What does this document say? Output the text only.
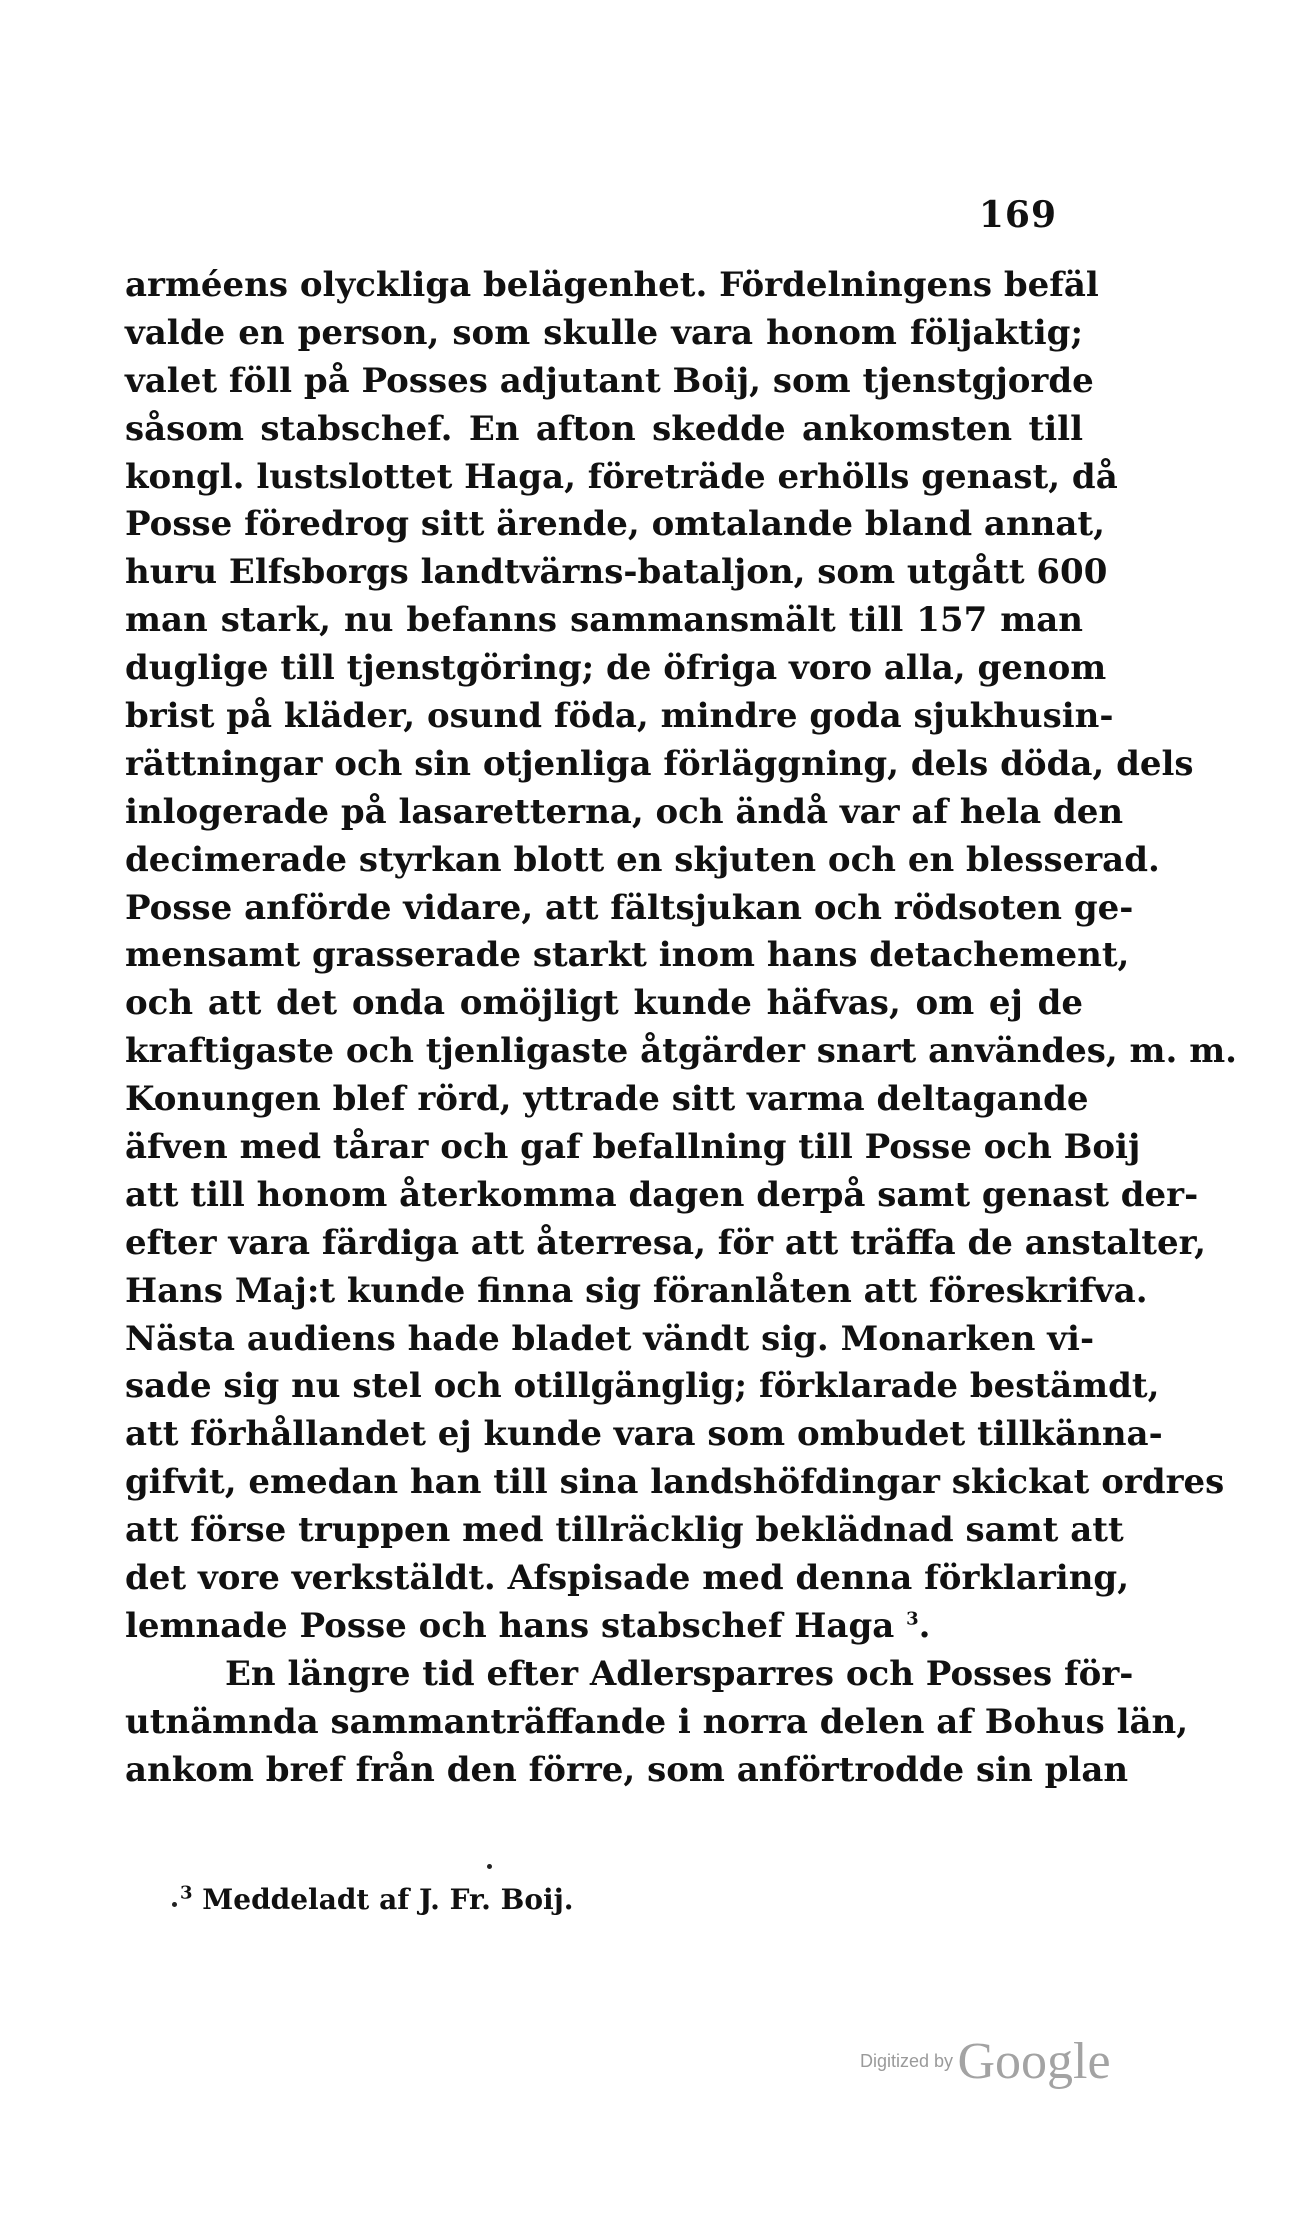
169
arméens olyckliga belägenhet. Fördelningens befäl
valde en person, som skulle vara honom följaktig;
valet föll på Posses adjutant Boij, som tjenstgjorde
såsom stabschef. En afton skedde ankomsten till
kongl. lustslottet Haga, företräde erhölls genast, då
Posse föredrog sitt ärende, omtalande bland annat,
huru Elfsborgs landtvärns-bataljon, som utgått 600
man stark, nu befanns sammansmält till 157 man
duglige till tjenstgöring; de öfriga voro alla, genom
brist på kläder, osund föda, mindre goda sjukhusin-
rättningar och sin otjenliga förläggning, dels döda, dels
inlogerade på lasaretterna, och ändå var af hela den
decimerade styrkan blott en skjuten och en blesserad.
Posse anförde vidare, att fältsjukan och rödsoten ge-
mensamt grasserade starkt inom hans detachement,
och att det onda omöjligt kunde häfvas, om ej de
kraftigaste och tjenligaste åtgärder snart användes, m. m.
Konungen blef rörd, yttrade sitt varma deltagande
äfven med tårar och gaf befallning till Posse och Boij
att till honom återkomma dagen derpå samt genast der-
efter vara färdiga att återresa, för att träffa de anstalter,
Hans Maj:t kunde finna sig föranlåten att föreskrifva.
Nästa audiens hade bladet vändt sig. Monarken vi-
sade sig nu stel och otillgänglig; förklarade bestämdt,
att förhållandet ej kunde vara som ombudet tillkänna-
gifvit, emedan han till sina landshöfdingar skickat ordres
att förse truppen med tillräcklig beklädnad samt att
det vore verkstäldt. Afspisade med denna förklaring,
lemnade Posse och hans stabschef Haga $^3$.
En längre tid efter Adlersparres och Posses för-
utnämnda sammanträffande i norra delen af Bohus län,
ankom bref från den förre, som anförtrodde sin plan
$^3$ Meddeladt af J. Fr. Boij.
Digitized by Google
